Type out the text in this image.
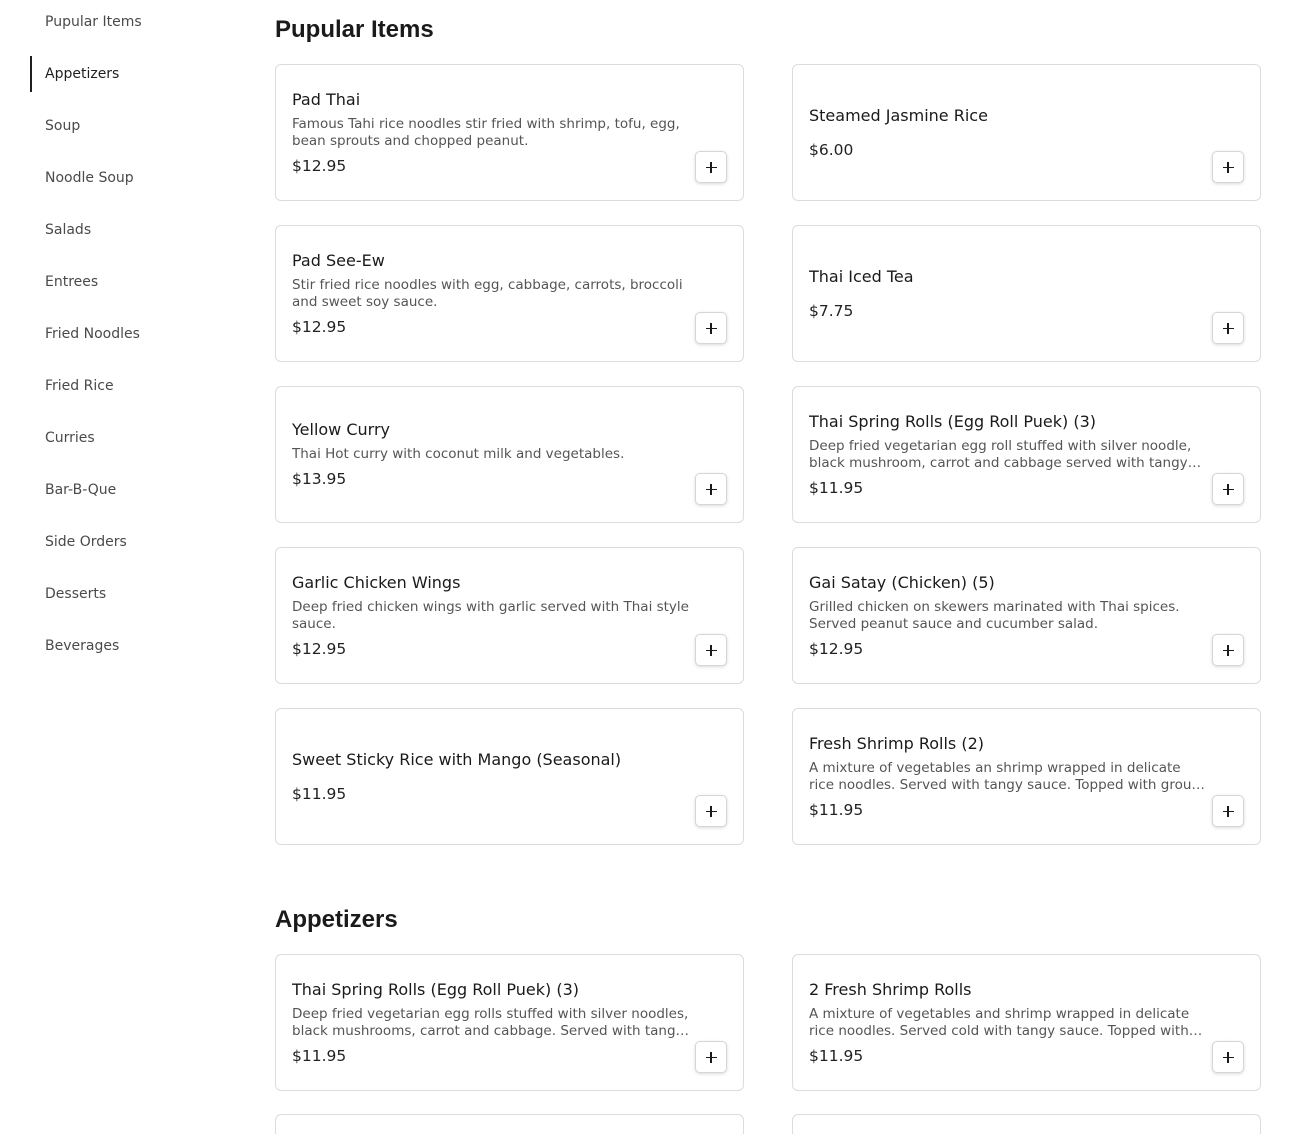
Pupular Items
Appetizers
Soup
Noodle Soup
Salads
Entrees
Fried Noodles
Fried Rice
Curries
Bar-B-Que
Side Orders
Desserts
Beverages
Pupular Items
Pad Thai
Famous Tahi rice noodles stir fried with shrimp, tofu, egg, bean sprouts and chopped peanut.
$12.95
Steamed Jasmine Rice
$6.00
Pad See-Ew
Stir fried rice noodles with egg, cabbage, carrots, broccoli and sweet soy sauce.
$12.95
Thai Iced Tea
$7.75
Yellow Curry
Thai Hot curry with coconut milk and vegetables.
$13.95
Thai Spring Rolls (Egg Roll Puek) (3)
Deep fried vegetarian egg roll stuffed with silver noodle, black mushroom, carrot and cabbage served with tangy
$11.95
Garlic Chicken Wings
Deep fried chicken wings with garlic served with Thai style sauce.
$12.95
Gai Satay (Chicken) (5)
Grilled chicken on skewers marinated with Thai spices. Served peanut sauce and cucumber salad.
$12.95
Sweet Sticky Rice with Mango (Seasonal)
$11.95
Fresh Shrimp Rolls (2)
A mixture of vegetables an shrimp wrapped in delicate rice noodles. Served with tangy sauce. Topped with groud
$11.95
Appetizers
Thai Spring Rolls (Egg Roll Puek) (3)
Deep fried vegetarian egg rolls stuffed with silver noodles, black mushrooms, carrot and cabbage. Served with tangy
$11.95
2 Fresh Shrimp Rolls
A mixture of vegetables and shrimp wrapped in delicate rice noodles. Served cold with tangy sauce. Topped with
$11.95
